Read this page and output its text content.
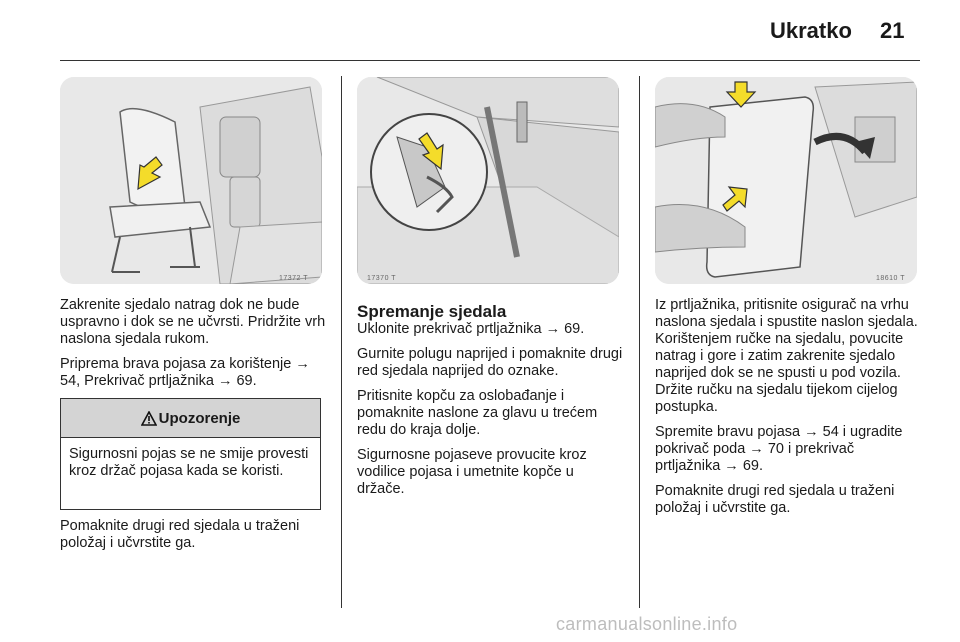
Ukratko 21
17372 T	17370 T	18610 T

Zakrenite sjedalo natrag dok ne bude uspravno i dok se ne učvrsti. Pridržite vrh naslona sjedala rukom.

Priprema brava pojasa za korištenje → 54, Prekrivač prtljažnika → 69.

Upozorenje
Sigurnosni pojas se ne smije provesti kroz držač pojasa kada se koristi.

Pomaknite drugi red sjedala u traženi položaj i učvrstite ga.

Spremanje sjedala

Uklonite prekrivač prtljažnika → 69.

Gurnite polugu naprijed i pomaknite drugi red sjedala naprijed do oznake.

Pritisnite kopču za oslobađanje i pomaknite naslone za glavu u trećem redu do kraja dolje.

Sigurnosne pojaseve provucite kroz vodilice pojasa i umetnite kopče u držače.

Iz prtljažnika, pritisnite osigurač na vrhu naslona sjedala i spustite naslon sjedala. Korištenjem ručke na sjedalu, povucite natrag i gore i zatim zakrenite sjedalo naprijed dok se ne spusti u pod vozila. Držite ručku na sjedalu tijekom cijelog postupka.

Spremite bravu pojasa → 54 i ugradite pokrivač poda → 70 i prekrivač prtljažnika → 69.

Pomaknite drugi red sjedala u traženi položaj i učvrstite ga.

carmanualsonline.info
